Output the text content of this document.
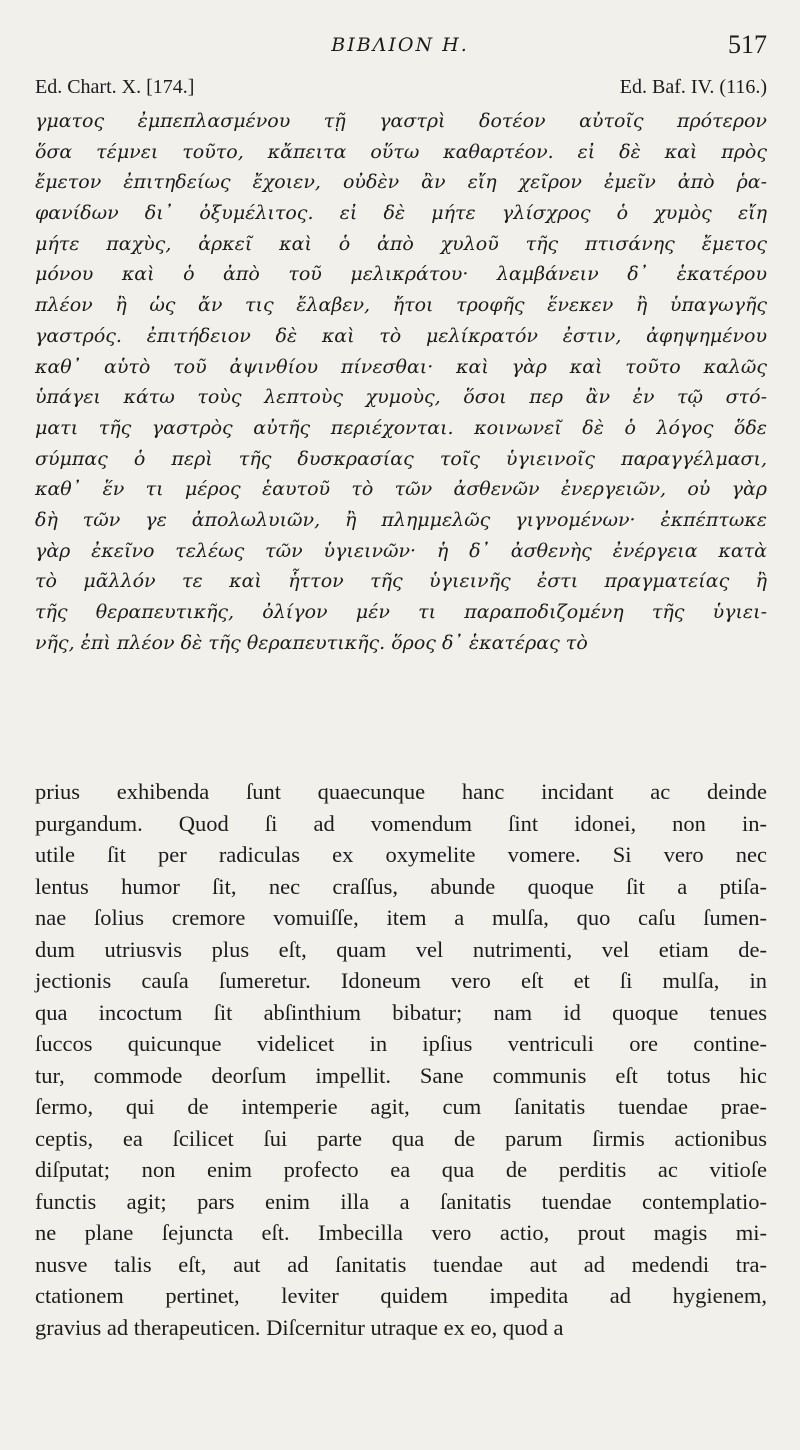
BIBΛΙΟΝ Η.	517
Ed. Chart. X. [174.]	Ed. Baf. IV. (116.)
γματος ἐμπεπλασμένου τῇ γαστρὶ δοτέον αὐτοῖς πρότερον
ὅσα τέμνει τοῦτο, κἄπειτα οὕτω καθαρτέον. εἰ δὲ καὶ πρὸς
ἔμετον ἐπιτηδείως ἔχοιεν, οὐδὲν ἂν εἴη χεῖρον ἐμεῖν ἀπὸ ῥα-
φανίδων δι᾽ ὀξυμέλιτος. εἰ δὲ μήτε γλίσχρος ὁ χυμὸς εἴη
μήτε παχὺς, ἀρκεῖ καὶ ὁ ἀπὸ χυλοῦ τῆς πτισάνης ἔμετος
μόνου καὶ ὁ ἀπὸ τοῦ μελικράτου· λαμβάνειν δ᾽ ἑκατέρου
πλέον ἢ ὡς ἄν τις ἔλαβεν, ἤτοι τροφῆς ἕνεκεν ἢ ὑπαγωγῆς
γαστρός. ἐπιτήδειον δὲ καὶ τὸ μελίκρατόν ἐστιν, ἀφηψημένου
καθ᾽ αὑτὸ τοῦ ἀψινθίου πίνεσθαι· καὶ γὰρ καὶ τοῦτο καλῶς
ὑπάγει κάτω τοὺς λεπτοὺς χυμοὺς, ὅσοι περ ἂν ἐν τῷ στό-
ματι τῆς γαστρὸς αὐτῆς περιέχονται. κοινωνεῖ δὲ ὁ λόγος ὅδε
σύμπας ὁ περὶ τῆς δυσκρασίας τοῖς ὑγιεινοῖς παραγγέλμασι,
καθ᾽ ἕν τι μέρος ἑαυτοῦ τὸ τῶν ἀσθενῶν ἐνεργειῶν, οὐ γὰρ
δὴ τῶν γε ἀπολωλυιῶν, ἢ πλημμελῶς γιγνομένων· ἐκπέπτωκε
γὰρ ἐκεῖνο τελέως τῶν ὑγιεινῶν· ἡ δ᾽ ἀσθενὴς ἐνέργεια κατὰ
τὸ μᾶλλόν τε καὶ ἧττον τῆς ὑγιεινῆς ἐστι πραγματείας ἢ
τῆς θεραπευτικῆς, ὀλίγον μέν τι παραποδιζομένη τῆς ὑγιει-
νῆς, ἐπὶ πλέον δὲ τῆς θεραπευτικῆς. ὅρος δ᾽ ἑκατέρας τὸ
prius exhibenda ſunt quaecunque hanc incidant ac deinde
purgandum. Quod ſi ad vomendum ſint idonei, non in-
utile ſit per radiculas ex oxymelite vomere. Si vero nec
lentus humor ſit, nec craſſus, abunde quoque ſit a ptiſa-
nae ſolius cremore vomuiſſe, item a mulſa, quo caſu ſumen-
dum utriusvis plus eſt, quam vel nutrimenti, vel etiam de-
jectionis cauſa ſumeretur. Idoneum vero eſt et ſi mulſa, in
qua incoctum ſit abſinthium bibatur; nam id quoque tenues
ſuccos quicunque videlicet in ipſius ventriculi ore contine-
tur, commode deorſum impellit. Sane communis eſt totus hic
ſermo, qui de intemperie agit, cum ſanitatis tuendae prae-
ceptis, ea ſcilicet ſui parte qua de parum ſirmis actionibus
diſputat; non enim profecto ea qua de perditis ac vitioſe
functis agit; pars enim illa a ſanitatis tuendae contemplatio-
ne plane ſejuncta eſt. Imbecilla vero actio, prout magis mi-
nusve talis eſt, aut ad ſanitatis tuendae aut ad medendi tra-
ctationem pertinet, leviter quidem impedita ad hygienem,
gravius ad therapeuticen. Diſcernitur utraque ex eo, quod a
